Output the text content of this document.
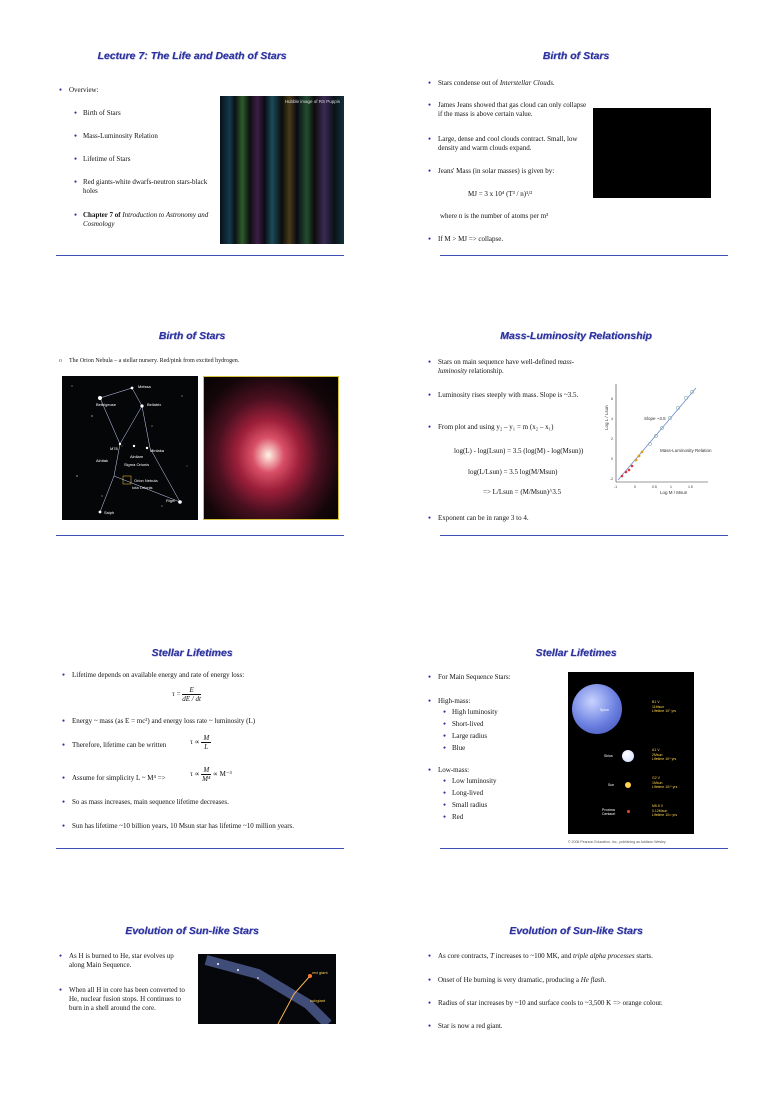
Lecture 7: The Life and Death of Stars
● Overview:
● Birth of Stars
● Mass-Luminosity Relation
● Lifetime of Stars
● Red giants-white dwarfs-neutron stars-black holes
● Chapter 7 of Introduction to Astronomy and Cosmology
Hubble image of RS Puppis
Birth of Stars
● Stars condense out of Interstellar Clouds.
● James Jeans showed that gas cloud can only collapse if the mass is above certain value.
● Large, dense and cool clouds contract. Small, low density and warm clouds expand.
● Jeans' Mass (in solar masses) is given by:
MJ = 3 x 10⁴ (T³ / n)¹/²
where n is the number of atoms per m³
● If M > MJ => collapse.
Birth of Stars
o The Orion Nebula – a stellar nursery. Red/pink from excited hydrogen.
Meissa
Betelgeuse	Bellatrix
M78	Mintaka
Alnilam
Sigma Orionis
Alnitak
Orion Nebula
Iota Orionis
Saiph
Rigel
Mass-Luminosity Relationship
● Stars on main sequence have well-defined mass-luminosity relationship.
● Luminosity rises steeply with mass. Slope is ~3.5.
● From plot and using y₂ – y₁ = m (x₂ – x₁)
log(L) - log(Lsun) = 3.5 (log(M) - log(Msun))
log(L/Lsun) = 3.5 log(M/Msun)
=> L/Lsun = (M/Msun)^3.5
● Exponent can be in range 3 to 4.
Slope ~3.5
Mass-Luminosity Relation
Log M / Msun
Log L / Lsun
-1	0	0.5	1	1.5
-2
0
2
4
6
Stellar Lifetimes
● Lifetime depends on available energy and rate of energy loss:
$\tau = \frac{E}{dE / dt}$
● Energy ~ mass (as E = mc²) and energy loss rate ~ luminosity (L)
● Therefore, lifetime can be written	$\tau \propto \frac{M}{L}$
● Assume for simplicity L ~ M⁴ =>	$\tau \propto \frac{M}{\text{M⁴}} \propto M^{-3}$
● So as mass increases, main sequence lifetime decreases.
● Sun has lifetime ~10 billion years, 10 Msun star has lifetime ~10 million years.
Stellar Lifetimes
● For Main Sequence Stars:
● High-mass:
● High luminosity
● Short-lived
● Large radius
● Blue
● Low-mass:
● Low luminosity
● Long-lived
● Small radius
● Red
Spica
Sirius
Sun
Proxima Centauri
B1 V
11Msun
Lifetime 10⁷ yrs
A1 V
2Msun
Lifetime 10⁹ yrs
G2 V
1Msun
Lifetime 10¹⁰ yrs
M5.5 V
0.12Msun
Lifetime 10¹² yrs
© 2006 Pearson Education, Inc., publishing as Addison Wesley
Evolution of Sun-like Stars
● As H is burned to He, star evolves up along Main Sequence.
● When all H in core has been converted to He, nuclear fusion stops. H continues to burn in a shell around the core.
red giant
subgiant
Evolution of Sun-like Stars
● As core contracts, T increases to ~100 MK, and triple alpha processes starts.
● Onset of He burning is very dramatic, producing a He flash.
● Radius of star increases by ~10 and surface cools to ~3,500 K => orange colour.
● Star is now a red giant.
